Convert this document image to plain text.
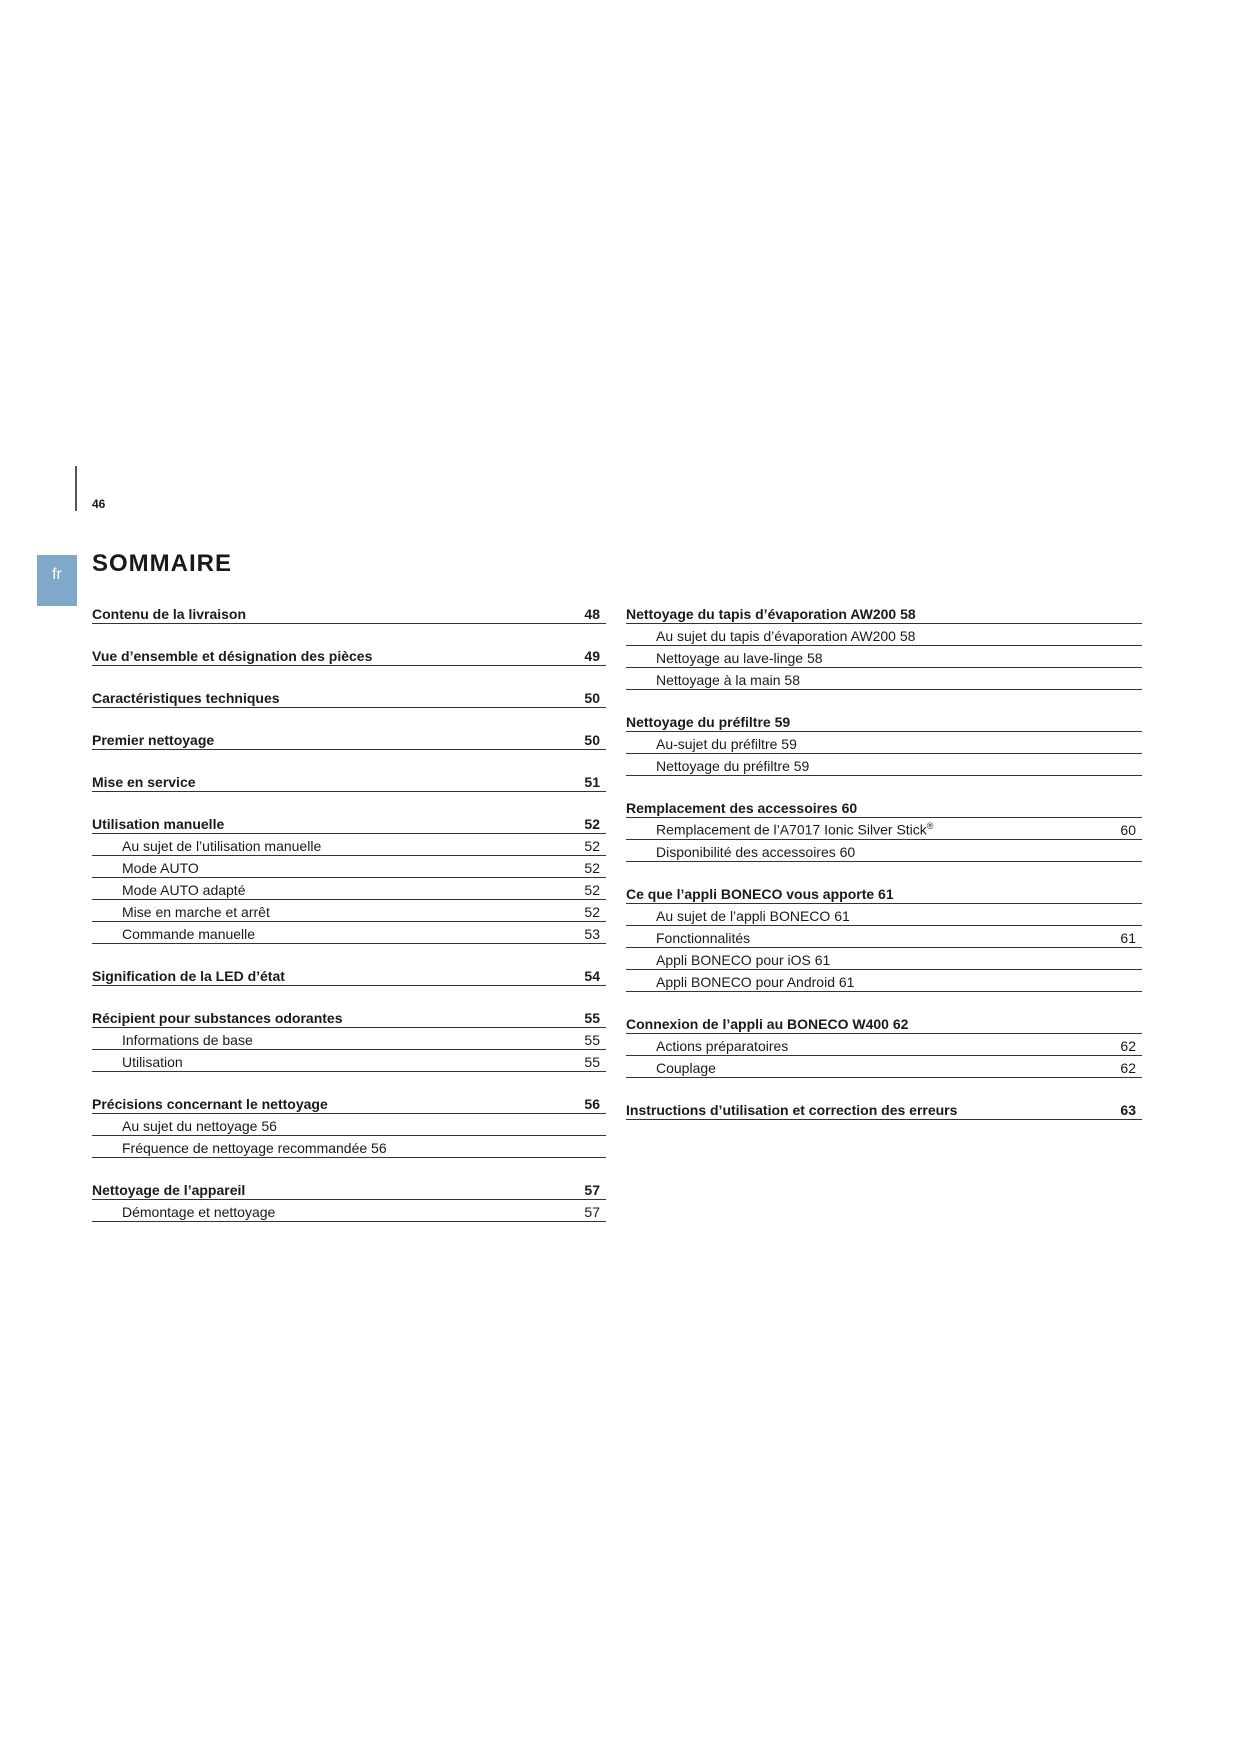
46
fr	SOMMAIRE
Contenu de la livraison	48
Vue d’ensemble et désignation des pièces	49
Caractéristiques techniques	50
Premier nettoyage	50
Mise en service	51
Utilisation manuelle	52
Au sujet de l’utilisation manuelle	52
Mode AUTO	52
Mode AUTO adapté	52
Mise en marche et arrêt	52
Commande manuelle	53
Signification de la LED d’état	54
Récipient pour substances odorantes	55
Informations de base	55
Utilisation	55
Précisions concernant le nettoyage	56
Au sujet du nettoyage 56
Fréquence de nettoyage recommandée 56
Nettoyage de l’appareil	57
Démontage et nettoyage	57
Nettoyage du tapis d’évaporation AW200 58
Au sujet du tapis d’évaporation AW200 58
Nettoyage au lave-linge 58
Nettoyage à la main 58
Nettoyage du préfiltre 59
Au-sujet du préfiltre 59
Nettoyage du préfiltre 59
Remplacement des accessoires 60
Remplacement de l’A7017 Ionic Silver Stick®	60
Disponibilité des accessoires 60
Ce que l’appli BONECO vous apporte 61
Au sujet de l’appli BONECO 61
Fonctionnalités	61
Appli BONECO pour iOS 61
Appli BONECO pour Android 61
Connexion de l’appli au BONECO W400 62
Actions préparatoires	62
Couplage	62
Instructions d’utilisation et correction des erreurs	63
